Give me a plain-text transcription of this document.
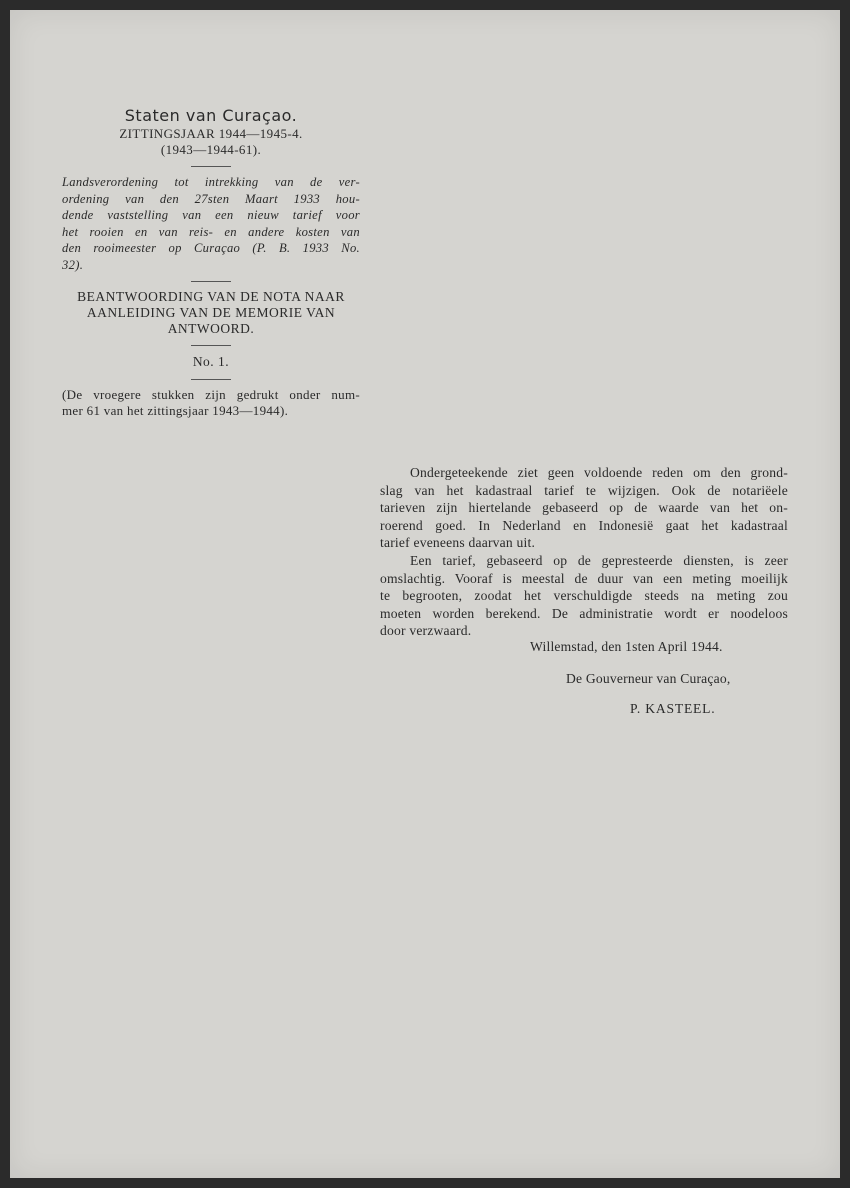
Staten van Curaçao.

ZITTINGSJAAR 1944—1945-4.

(1943—1944-61).

Landsverordening tot intrekking van de ver-
ordening van den 27sten Maart 1933 hou-
dende vaststelling van een nieuw tarief voor
het rooien en van reis- en andere kosten van
den rooimeester op Curaçao (P. B. 1933 No.
32).

BEANTWOORDING VAN DE NOTA NAAR
AANLEIDING VAN DE MEMORIE VAN
ANTWOORD.

No. 1.

(De vroegere stukken zijn gedrukt onder num-
mer 61 van het zittingsjaar 1943—1944).

Ondergeteekende ziet geen voldoende reden om den grond-
slag van het kadastraal tarief te wijzigen. Ook de notariëele
tarieven zijn hiertelande gebaseerd op de waarde van het on-
roerend goed. In Nederland en Indonesië gaat het kadastraal
tarief eveneens daarvan uit.

Een tarief, gebaseerd op de gepresteerde diensten, is zeer
omslachtig. Vooraf is meestal de duur van een meting moeilijk
te begrooten, zoodat het verschuldigde steeds na meting zou
moeten worden berekend. De administratie wordt er noodeloos
door verzwaard.

Willemstad, den 1sten April 1944.

De Gouverneur van Curaçao,

P. KASTEEL.
